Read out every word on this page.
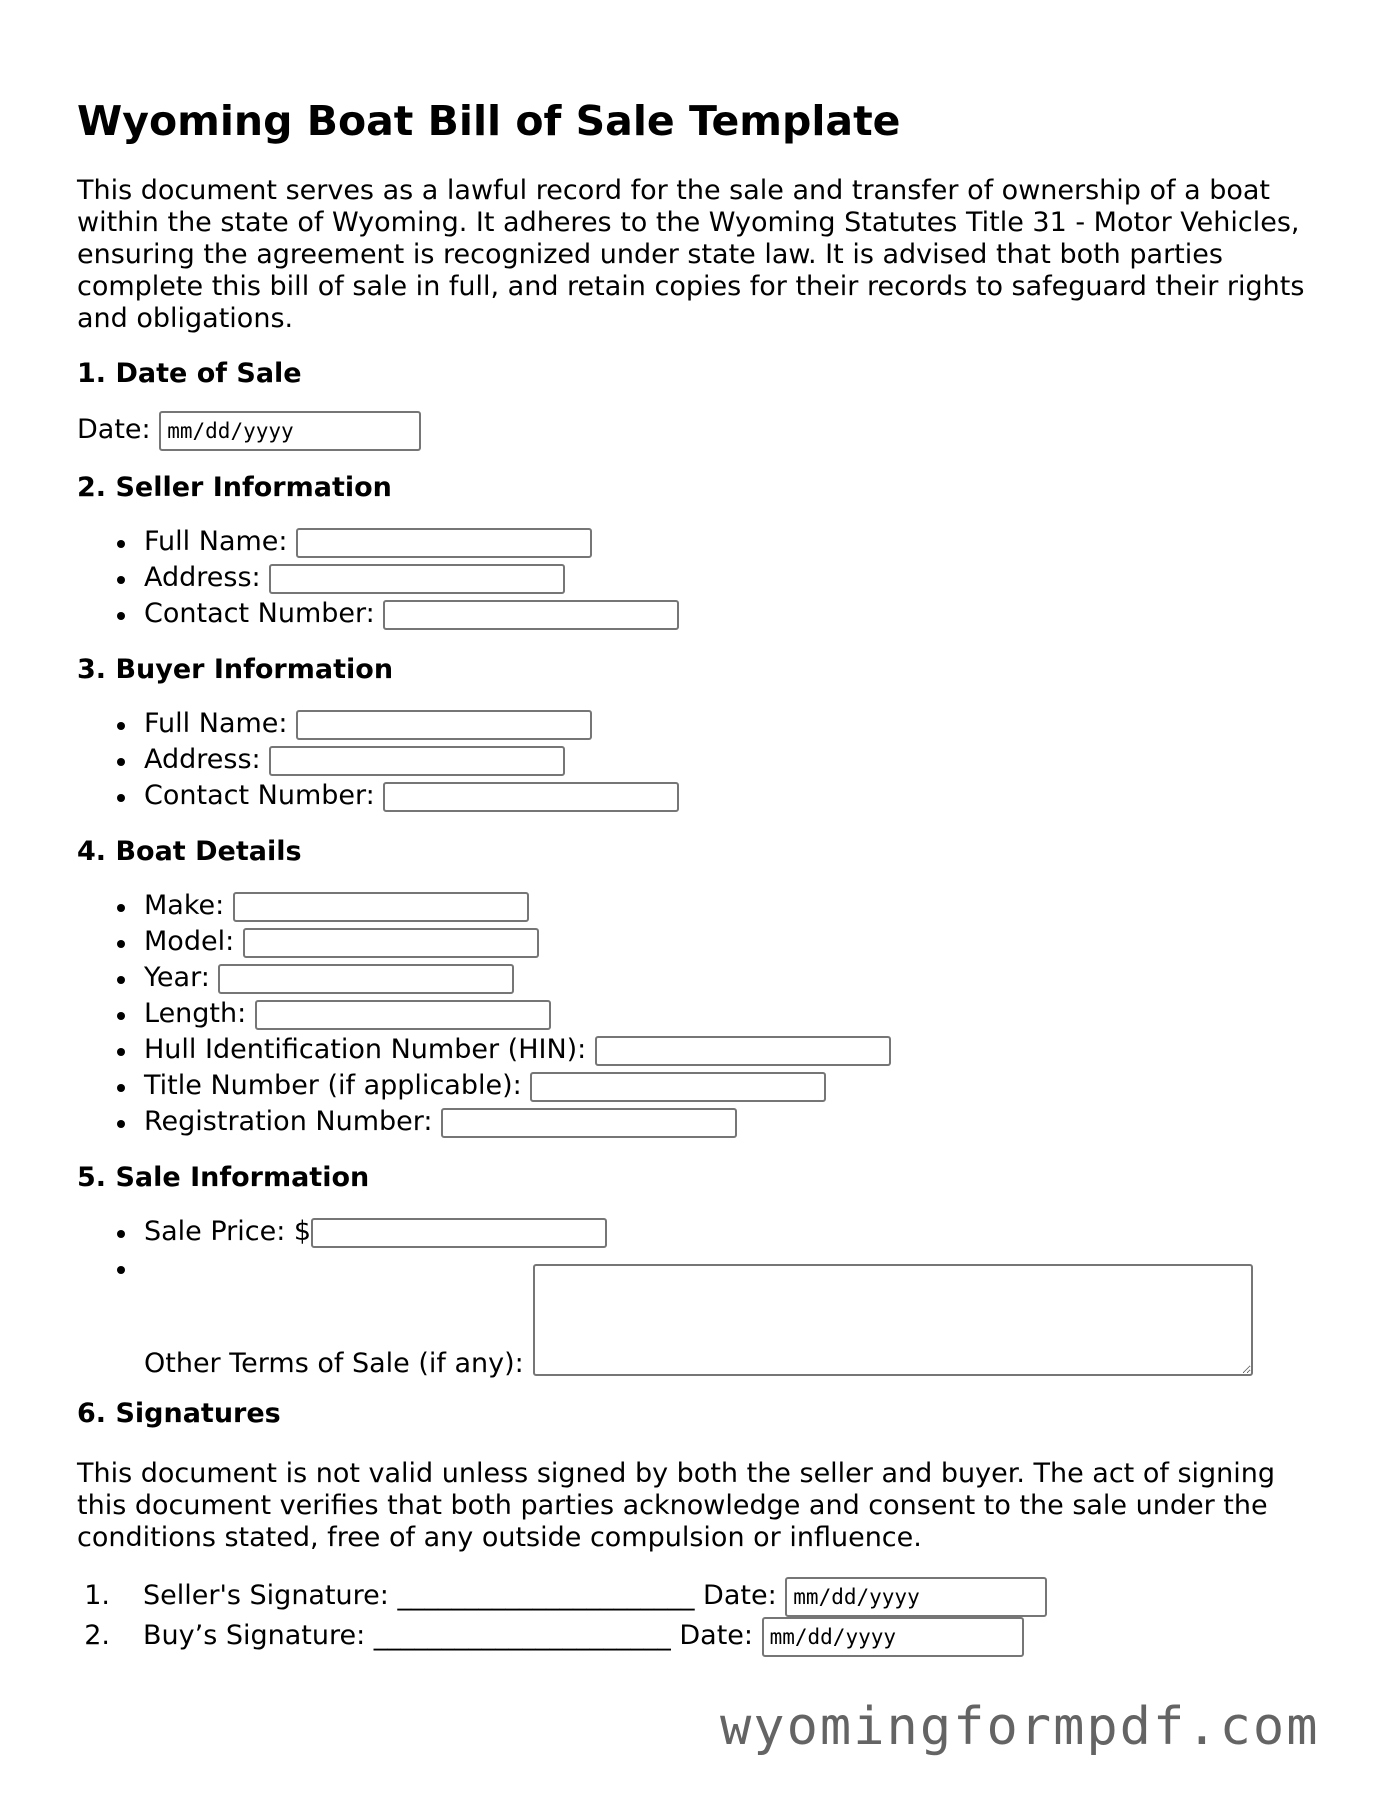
Wyoming Boat Bill of Sale Template

This document serves as a lawful record for the sale and transfer of ownership of a boat within the state of Wyoming. It adheres to the Wyoming Statutes Title 31 - Motor Vehicles, ensuring the agreement is recognized under state law. It is advised that both parties complete this bill of sale in full, and retain copies for their records to safeguard their rights and obligations.

1. Date of Sale
Date: mm/dd/yyyy
2. Seller Information
Full Name:
Address:
Contact Number:
3. Buyer Information
Full Name:
Address:
Contact Number:
4. Boat Details
Make:
Model:
Year:
Length:
Hull Identification Number (HIN):
Title Number (if applicable):
Registration Number:
5. Sale Information
Sale Price: $
Other Terms of Sale (if any):
6. Signatures

This document is not valid unless signed by both the seller and buyer. The act of signing this document verifies that both parties acknowledge and consent to the sale under the conditions stated, free of any outside compulsion or influence.

1. Seller's Signature: ______________________ Date: mm/dd/yyyy
2. Buy’s Signature: ______________________ Date: mm/dd/yyyy
wyomingformpdf.com
